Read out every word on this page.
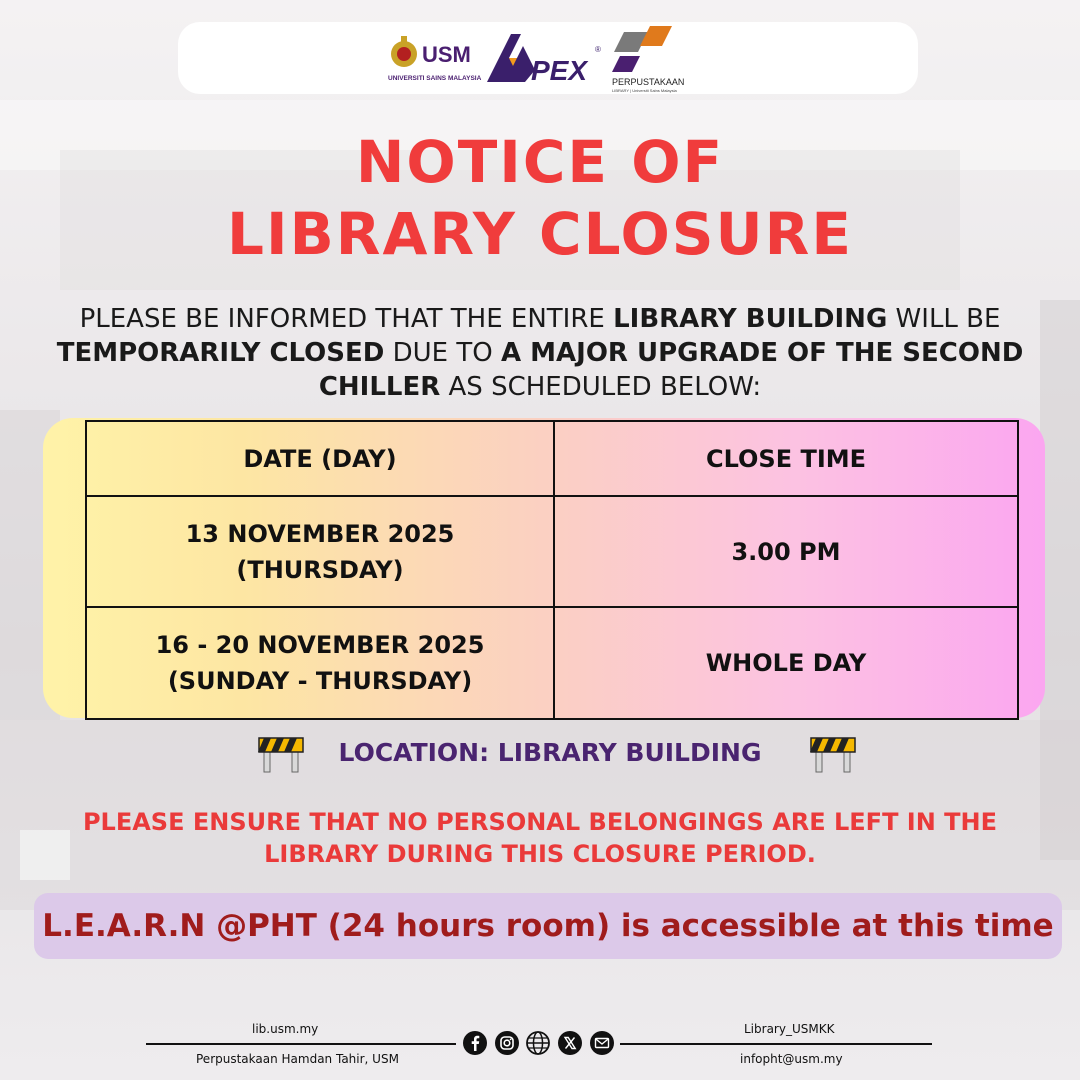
USM
UNIVERSITI SAINS MALAYSIA PEX
®
APEX
PERPUSTAKAAN
LIBRARY | Universiti Sains Malaysia
NOTICE OF
LIBRARY CLOSURE
PLEASE BE INFORMED THAT THE ENTIRE LIBRARY BUILDING WILL BE TEMPORARILY CLOSED DUE TO A MAJOR UPGRADE OF THE SECOND CHILLER AS SCHEDULED BELOW:
DATE (DAY)	CLOSE TIME

13 NOVEMBER 2025
(THURSDAY)	3.00 PM

16 - 20 NOVEMBER 2025
(SUNDAY - THURSDAY)	WHOLE DAY
LOCATION: LIBRARY BUILDING
PLEASE ENSURE THAT NO PERSONAL BELONGINGS ARE LEFT IN THE
LIBRARY DURING THIS CLOSURE PERIOD.
L.E.A.R.N @PHT (24 hours room) is accessible at this time
lib.usm.my
Perpustakaan Hamdan Tahir, USM
Library_USMKK
infopht@usm.my
